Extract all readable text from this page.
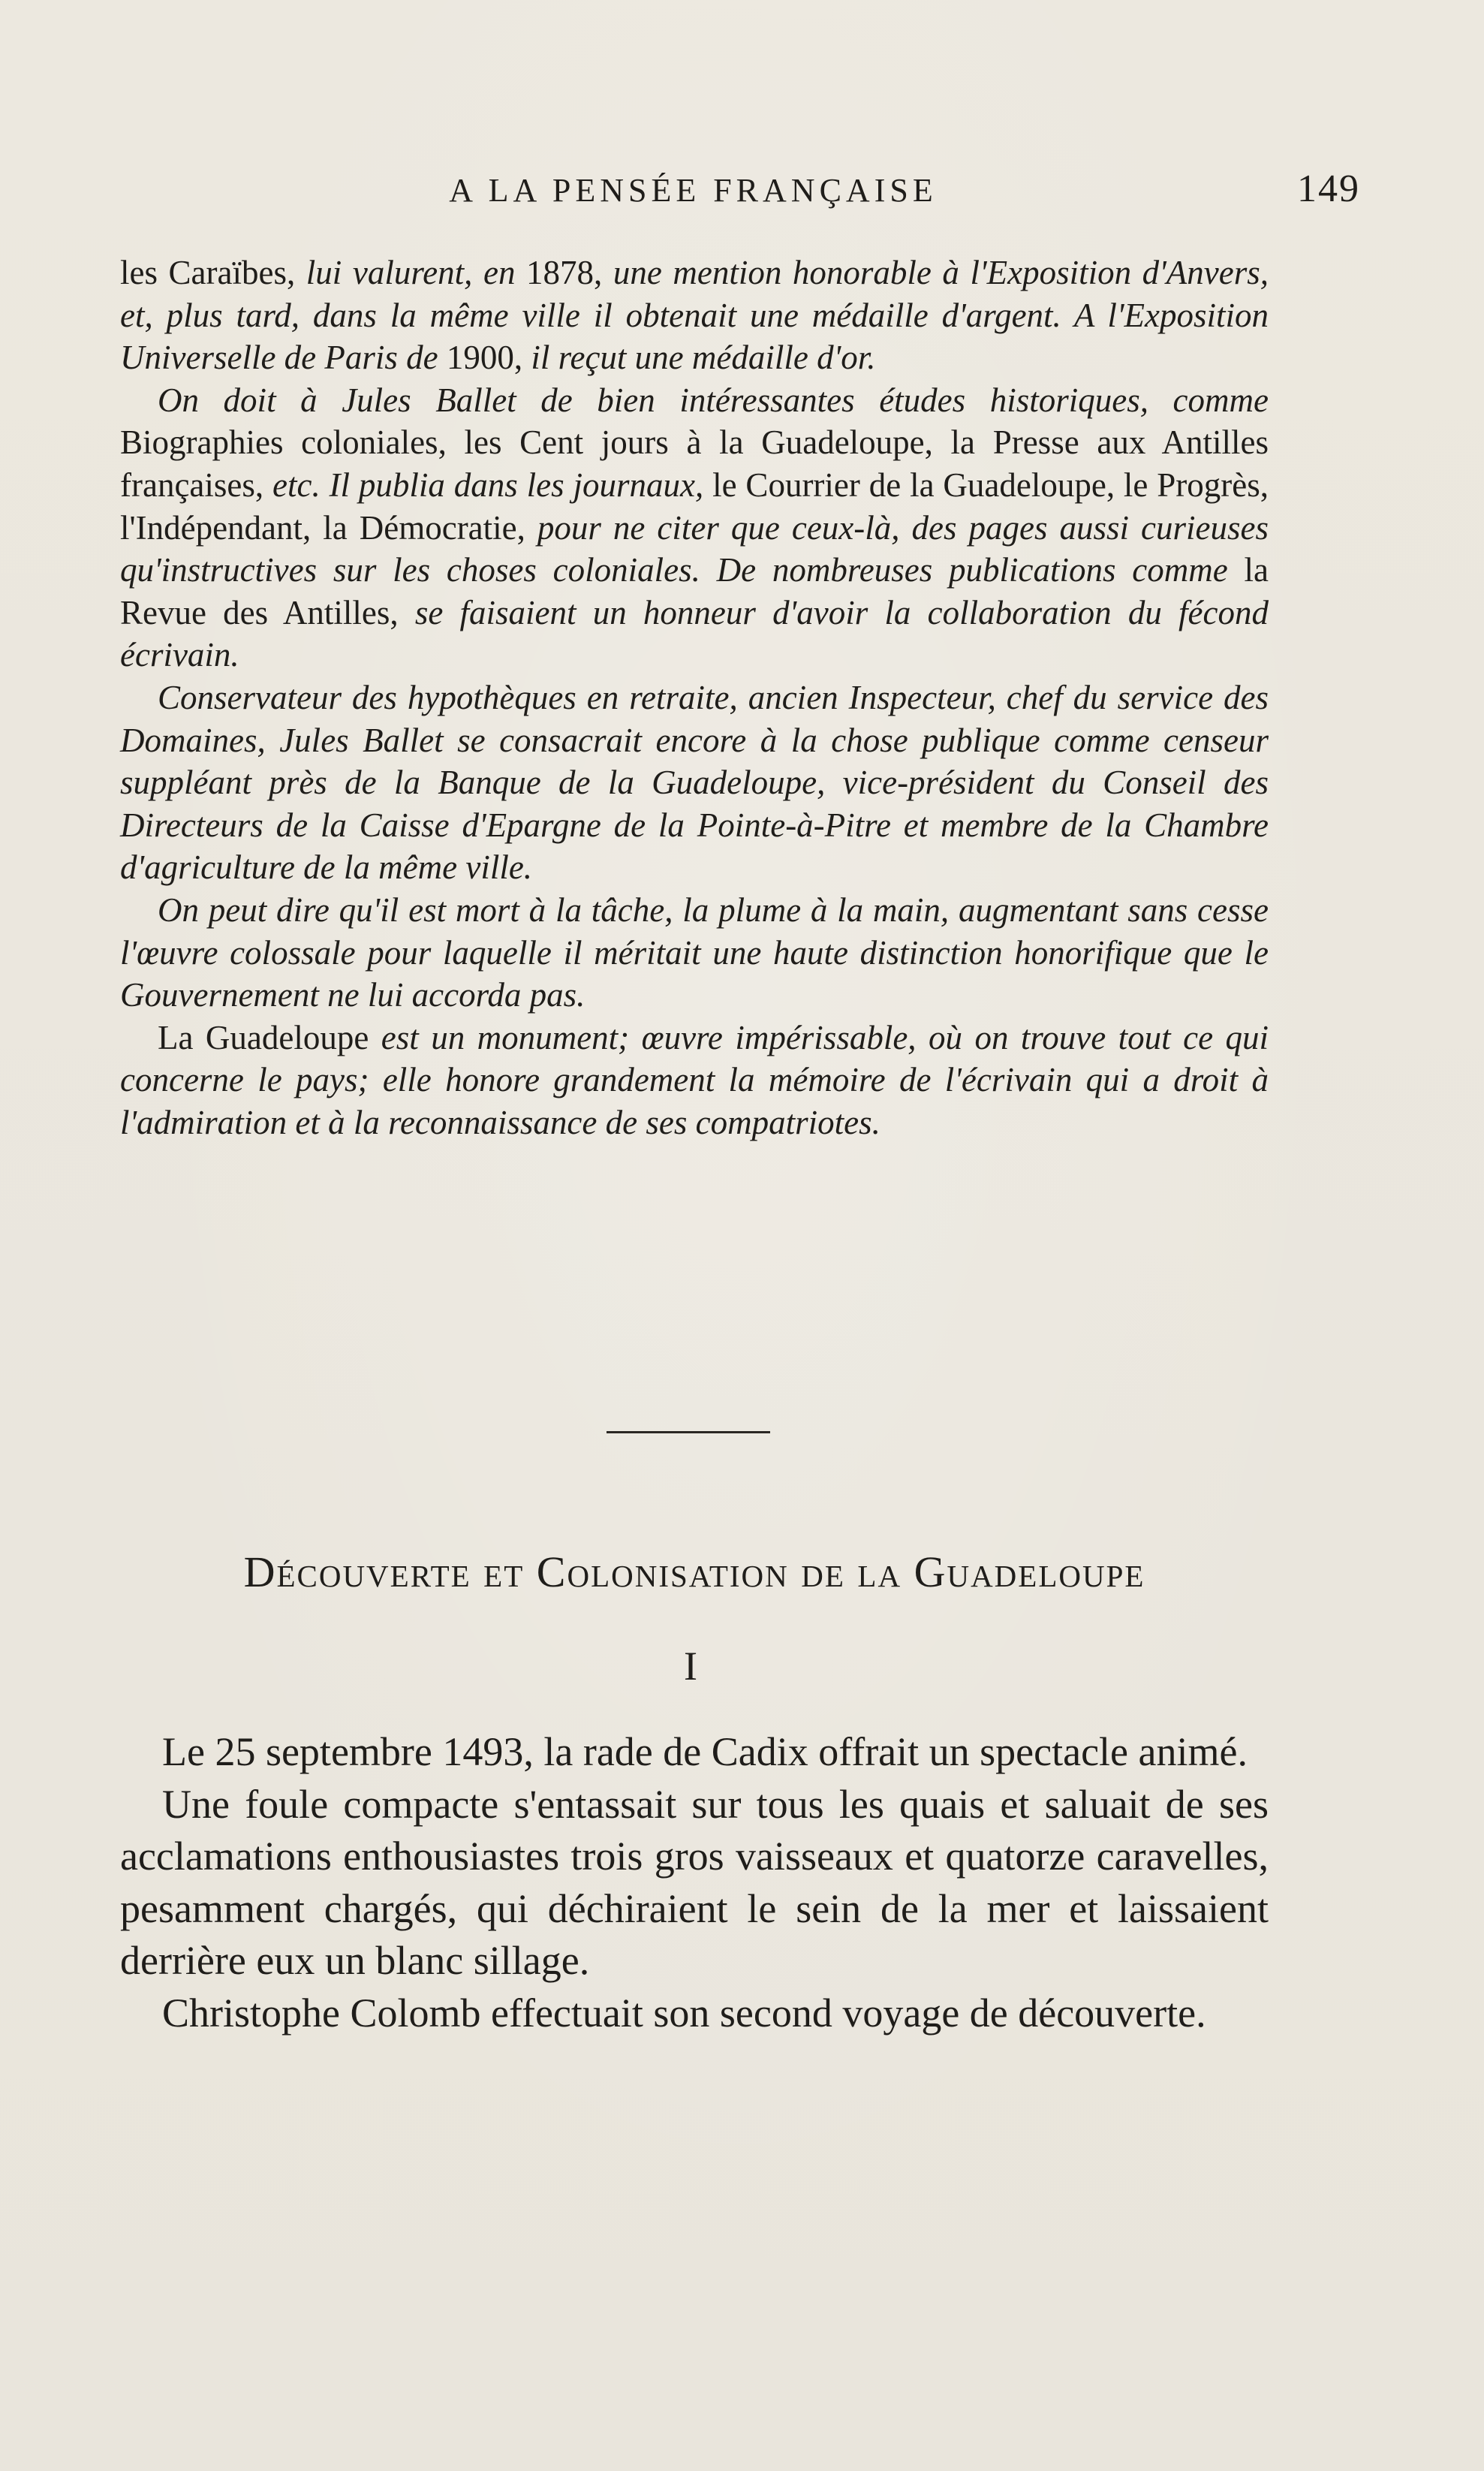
A LA PENSÉE FRANÇAISE	149

les Caraïbes, lui valurent, en 1878, une mention honorable à l'Exposition d'Anvers, et, plus tard, dans la même ville il obtenait une médaille d'argent. A l'Exposition Universelle de Paris de 1900, il reçut une médaille d'or.

On doit à Jules Ballet de bien intéressantes études historiques, comme Biographies coloniales, les Cent jours à la Guadeloupe, la Presse aux Antilles françaises, etc. Il publia dans les journaux, le Courrier de la Guadeloupe, le Progrès, l'Indépendant, la Démocratie, pour ne citer que ceux-là, des pages aussi curieuses qu'instructives sur les choses coloniales. De nombreuses publications comme la Revue des Antilles, se faisaient un honneur d'avoir la collaboration du fécond écrivain.

Conservateur des hypothèques en retraite, ancien Inspecteur, chef du service des Domaines, Jules Ballet se consacrait encore à la chose publique comme censeur suppléant près de la Banque de la Guadeloupe, vice-président du Conseil des Directeurs de la Caisse d'Epargne de la Pointe-à-Pitre et membre de la Chambre d'agriculture de la même ville.

On peut dire qu'il est mort à la tâche, la plume à la main, augmentant sans cesse l'œuvre colossale pour laquelle il méritait une haute distinction honorifique que le Gouvernement ne lui accorda pas.

La Guadeloupe est un monument; œuvre impérissable, où on trouve tout ce qui concerne le pays; elle honore grandement la mémoire de l'écrivain qui a droit à l'admiration et à la reconnaissance de ses compatriotes.

Découverte et Colonisation de la Guadeloupe
I

Le 25 septembre 1493, la rade de Cadix offrait un spectacle animé.

Une foule compacte s'entassait sur tous les quais et saluait de ses acclamations enthousiastes trois gros vaisseaux et quatorze caravelles, pesamment chargés, qui déchiraient le sein de la mer et laissaient derrière eux un blanc sillage.

Christophe Colomb effectuait son second voyage de découverte.
